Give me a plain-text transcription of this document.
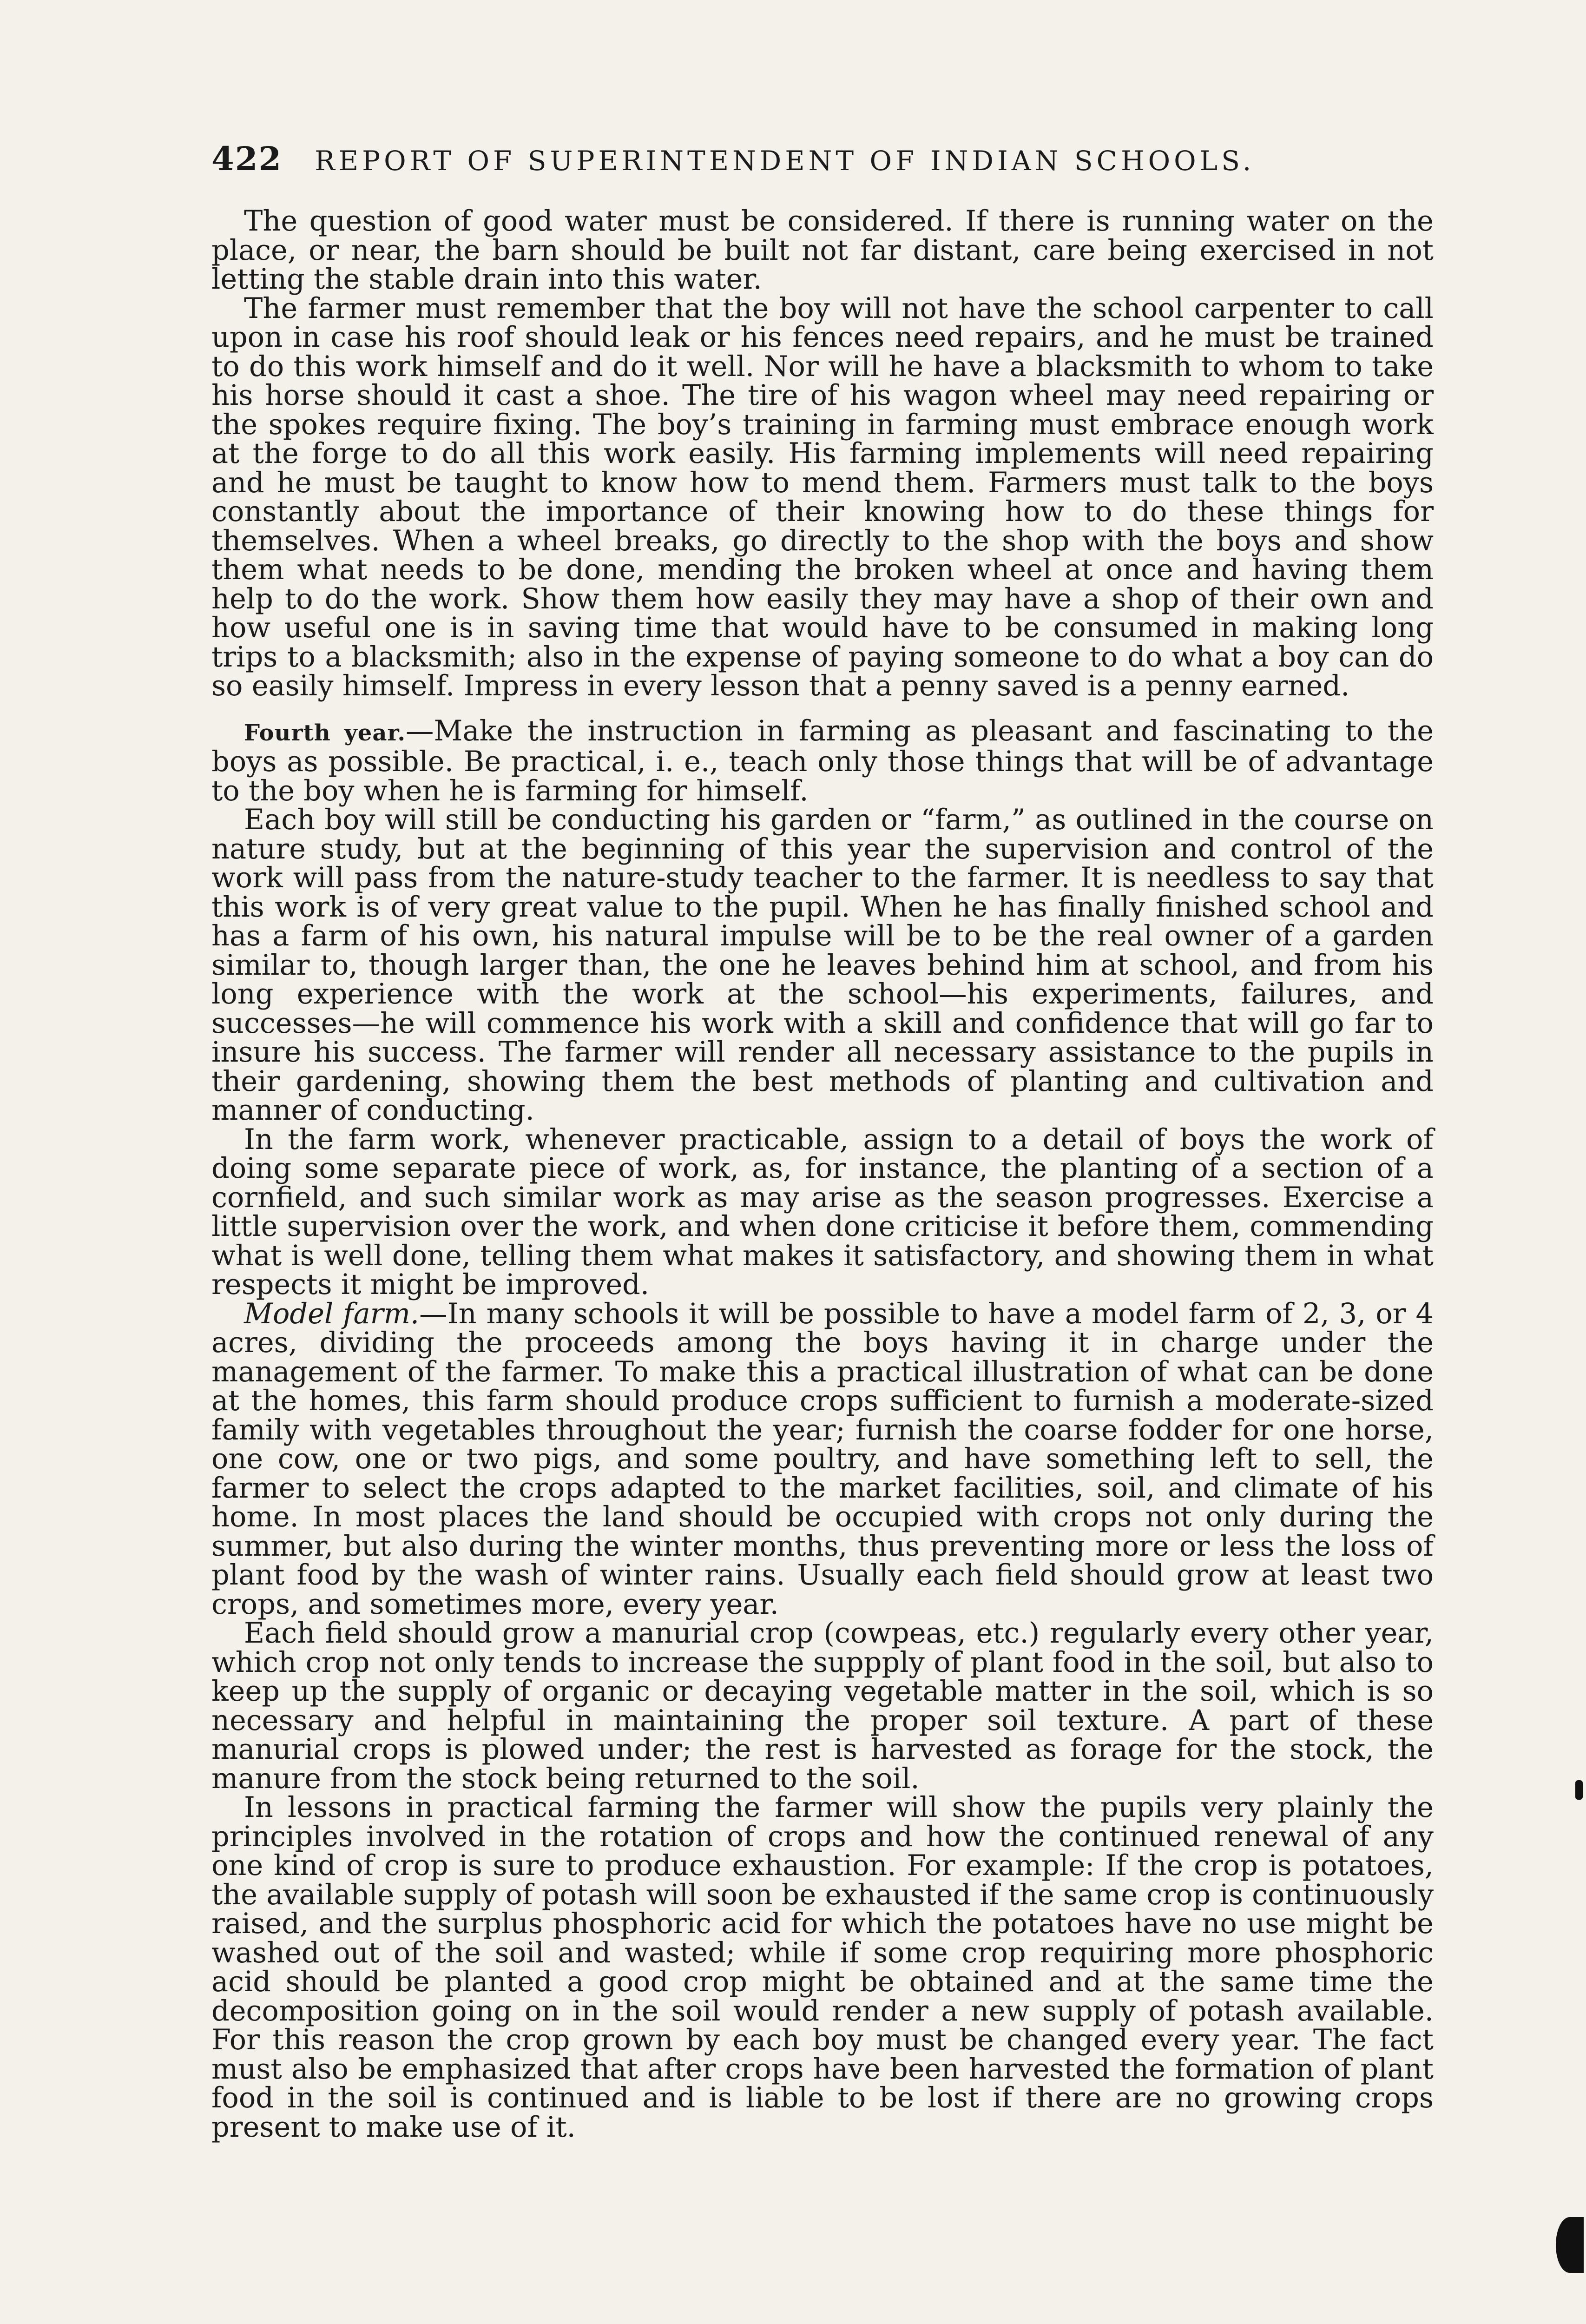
422 REPORT OF SUPERINTENDENT OF INDIAN SCHOOLS.

The question of good water must be considered. If there is running water on the place, or near, the barn should be built not far distant, care being exercised in not letting the stable drain into this water.

The farmer must remember that the boy will not have the school carpenter to call upon in case his roof should leak or his fences need repairs, and he must be trained to do this work himself and do it well. Nor will he have a blacksmith to whom to take his horse should it cast a shoe. The tire of his wagon wheel may need repairing or the spokes require fixing. The boy’s training in farming must embrace enough work at the forge to do all this work easily. His farming implements will need repairing and he must be taught to know how to mend them. Farmers must talk to the boys constantly about the importance of their knowing how to do these things for themselves. When a wheel breaks, go directly to the shop with the boys and show them what needs to be done, mending the broken wheel at once and having them help to do the work. Show them how easily they may have a shop of their own and how useful one is in saving time that would have to be consumed in making long trips to a blacksmith; also in the expense of paying someone to do what a boy can do so easily himself. Impress in every lesson that a penny saved is a penny earned.

Fourth year.—Make the instruction in farming as pleasant and fascinating to the boys as possible. Be practical, i. e., teach only those things that will be of advantage to the boy when he is farming for himself.

Each boy will still be conducting his garden or “farm,” as outlined in the course on nature study, but at the beginning of this year the supervision and control of the work will pass from the nature-study teacher to the farmer. It is needless to say that this work is of very great value to the pupil. When he has finally finished school and has a farm of his own, his natural impulse will be to be the real owner of a garden similar to, though larger than, the one he leaves behind him at school, and from his long experience with the work at the school—his experiments, failures, and successes—he will commence his work with a skill and confidence that will go far to insure his success. The farmer will render all necessary assistance to the pupils in their gardening, showing them the best methods of planting and cultivation and manner of conducting.

In the farm work, whenever practicable, assign to a detail of boys the work of doing some separate piece of work, as, for instance, the planting of a section of a cornfield, and such similar work as may arise as the season progresses. Exercise a little supervision over the work, and when done criticise it before them, commending what is well done, telling them what makes it satisfactory, and showing them in what respects it might be improved.

Model farm.—In many schools it will be possible to have a model farm of 2, 3, or 4 acres, dividing the proceeds among the boys having it in charge under the management of the farmer. To make this a practical illustration of what can be done at the homes, this farm should produce crops sufficient to furnish a moderate-sized family with vegetables throughout the year; furnish the coarse fodder for one horse, one cow, one or two pigs, and some poultry, and have something left to sell, the farmer to select the crops adapted to the market facilities, soil, and climate of his home. In most places the land should be occupied with crops not only during the summer, but also during the winter months, thus preventing more or less the loss of plant food by the wash of winter rains. Usually each field should grow at least two crops, and sometimes more, every year.

Each field should grow a manurial crop (cowpeas, etc.) regularly every other year, which crop not only tends to increase the suppply of plant food in the soil, but also to keep up the supply of organic or decaying vegetable matter in the soil, which is so necessary and helpful in maintaining the proper soil texture. A part of these manurial crops is plowed under; the rest is harvested as forage for the stock, the manure from the stock being returned to the soil.

In lessons in practical farming the farmer will show the pupils very plainly the principles involved in the rotation of crops and how the continued renewal of any one kind of crop is sure to produce exhaustion. For example: If the crop is potatoes, the available supply of potash will soon be exhausted if the same crop is continuously raised, and the surplus phosphoric acid for which the potatoes have no use might be washed out of the soil and wasted; while if some crop requiring more phosphoric acid should be planted a good crop might be obtained and at the same time the decomposition going on in the soil would render a new supply of potash available. For this reason the crop grown by each boy must be changed every year. The fact must also be emphasized that after crops have been harvested the formation of plant food in the soil is continued and is liable to be lost if there are no growing crops present to make use of it.
